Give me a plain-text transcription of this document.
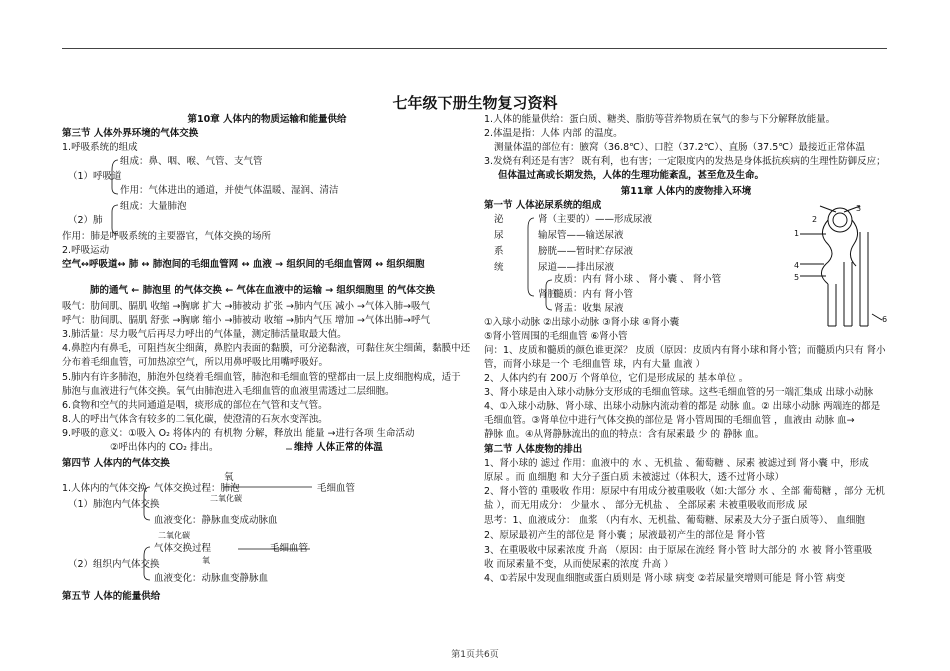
七年级下册生物复习资料
第10章 人体内的物质运输和能量供给
第三节 人体外界环境的气体交换
1.呼吸系统的组成
组成：鼻、咽、喉、气管、支气管
（1）呼吸道
作用：气体进出的通道，并使气体温暖、湿润、清洁
组成：大量肺泡
（2）肺
作用：肺是呼吸系统的主要器官，气体交换的场所
2.呼吸运动
空气↔呼吸道↔ 肺 ↔ 肺泡间的毛细血管网 ↔ 血液 → 组织间的毛细血管网 ↔ 组织细胞
肺的通气 ← 肺泡里 的气体交换 ← 气体在血液中的运输 → 组织细胞里 的气体交换
吸气：肋间肌、膈肌 收缩 →胸廓 扩大 →肺被动 扩张 →肺内气压 减小 →气体入肺→吸气
呼气：肋间肌、膈肌 舒张 →胸廓 缩小 →肺被动 收缩 →肺内气压 增加 →气体出肺→呼气
3.肺活量：尽力吸气后再尽力呼出的气体量，测定肺活量取最大值。
4.鼻腔内有鼻毛，可阻挡灰尘细菌，鼻腔内表面的黏膜，可分泌黏液，可黏住灰尘细菌，黏膜中还
分布着毛细血管，可加热凉空气，所以用鼻呼吸比用嘴呼吸好。
5.肺内有许多肺泡，肺泡外包绕着毛细血管，肺泡和毛细血管的壁都由一层上皮细胞构成，适于
肺泡与血液进行气体交换。氧气由肺泡进入毛细血管的血液里需透过二层细胞。
6.食物和空气的共同通道是咽，痰形成的部位在气管和支气管。
8.人的呼出气体含有较多的二氧化碳，使澄清的石灰水变浑浊。
9.呼吸的意义：①吸入 O₂ 将体内的 有机物 分解，释放出 能量 →进行各项 生命活动
②呼出体内的 CO₂ 排出。	维持 人体正常的体温
第四节 人体内的气体交换
氧
1.人体内的气体交换 气体交换过程：肺泡	毛细血管
（1）肺泡内气体交换
二氧化碳
血液变化：静脉血变成动脉血
二氧化碳
气体交换过程	毛细血管
（2）组织内气体交换	氧
血液变化：动脉血变静脉血
第五节 人体的能量供给
1.人体的能量供给：蛋白质、糖类、脂肪等营养物质在氧气的参与下分解释放能量。
2.体温是指：人体 内部 的温度。
测量体温的部位有：腋窝（36.8℃）、口腔（37.2℃）、直肠（37.5℃）最接近正常体温
3.发烧有利还是有害？ 既有利，也有害；一定限度内的发热是身体抵抗疾病的生理性防御反应；
但体温过高或长期发热，人体的生理功能紊乱，甚至危及生命。
第11章 人体内的废物排入环境
第一节 人体泌尿系统的组成
泌
尿
系
统
肾（主要的）——形成尿液
输尿管——输送尿液
膀胱——暂时贮存尿液
尿道——排出尿液
皮质：内有 肾小球 、 肾小囊 、 肾小管
肾脏
髓质：内有 肾小管
肾盂：收集 尿液
①入球小动脉 ②出球小动脉 ③肾小球 ④肾小囊
⑤肾小管周围的毛细血管 ⑥肾小管
问：1、皮质和髓质的颜色谁更深？ 皮质（原因：皮质内有肾小球和肾小管；而髓质内只有 肾小
管，而肾小球是一个 毛细血管 球，内有大量 血液 ）
2、人体内约有 200万 个肾单位，它们是形成尿的 基本单位 。
3、肾小球是由入球小动脉分支形成的毛细血管球。这些毛细血管的另一端汇集成 出球小动脉
4、①入球小动脉、肾小球、出球小动脉内流动着的都是 动脉 血。② 出球小动脉 两端连的都是
毛细血管。③肾单位中进行气体交换的部位是 肾小管周围的毛细血管 ，血液由 动脉 血→
静脉 血。④从肾静脉流出的血的特点：含有尿素最 少 的 静脉 血。
第二节 人体废物的排出
1、肾小球的 滤过 作用：血液中的 水 、无机盐 、葡萄糖 、尿素 被滤过到 肾小囊 中，形成
原尿 。而 血细胞 和 大分子蛋白质 未被滤过（体积大，透不过肾小球）
2、肾小管的 重吸收 作用：原尿中有用成分被重吸收（如:大部分 水 、全部 葡萄糖 ，部分 无机
盐 ），而无用成分： 少量水 、 部分无机盐 、 全部尿素 未被重吸收而形成 尿
思考：1、血液成分： 血浆 （内有水、无机盐、葡萄糖、尿素及大分子蛋白质等）、 血细胞
2、原尿最初产生的部位是 肾小囊 ；尿液最初产生的部位是 肾小管
3、在重吸收中尿素浓度 升高 （原因：由于原尿在流经 肾小管 时大部分的 水 被 肾小管重吸
收 而尿素量不变，从而使尿素的浓度 升高 ）
4、①若尿中发现血细胞或蛋白质则是 肾小球 病变 ②若尿量突增则可能是 肾小管 病变
3
2
1
4
5
6
第1页共6页
